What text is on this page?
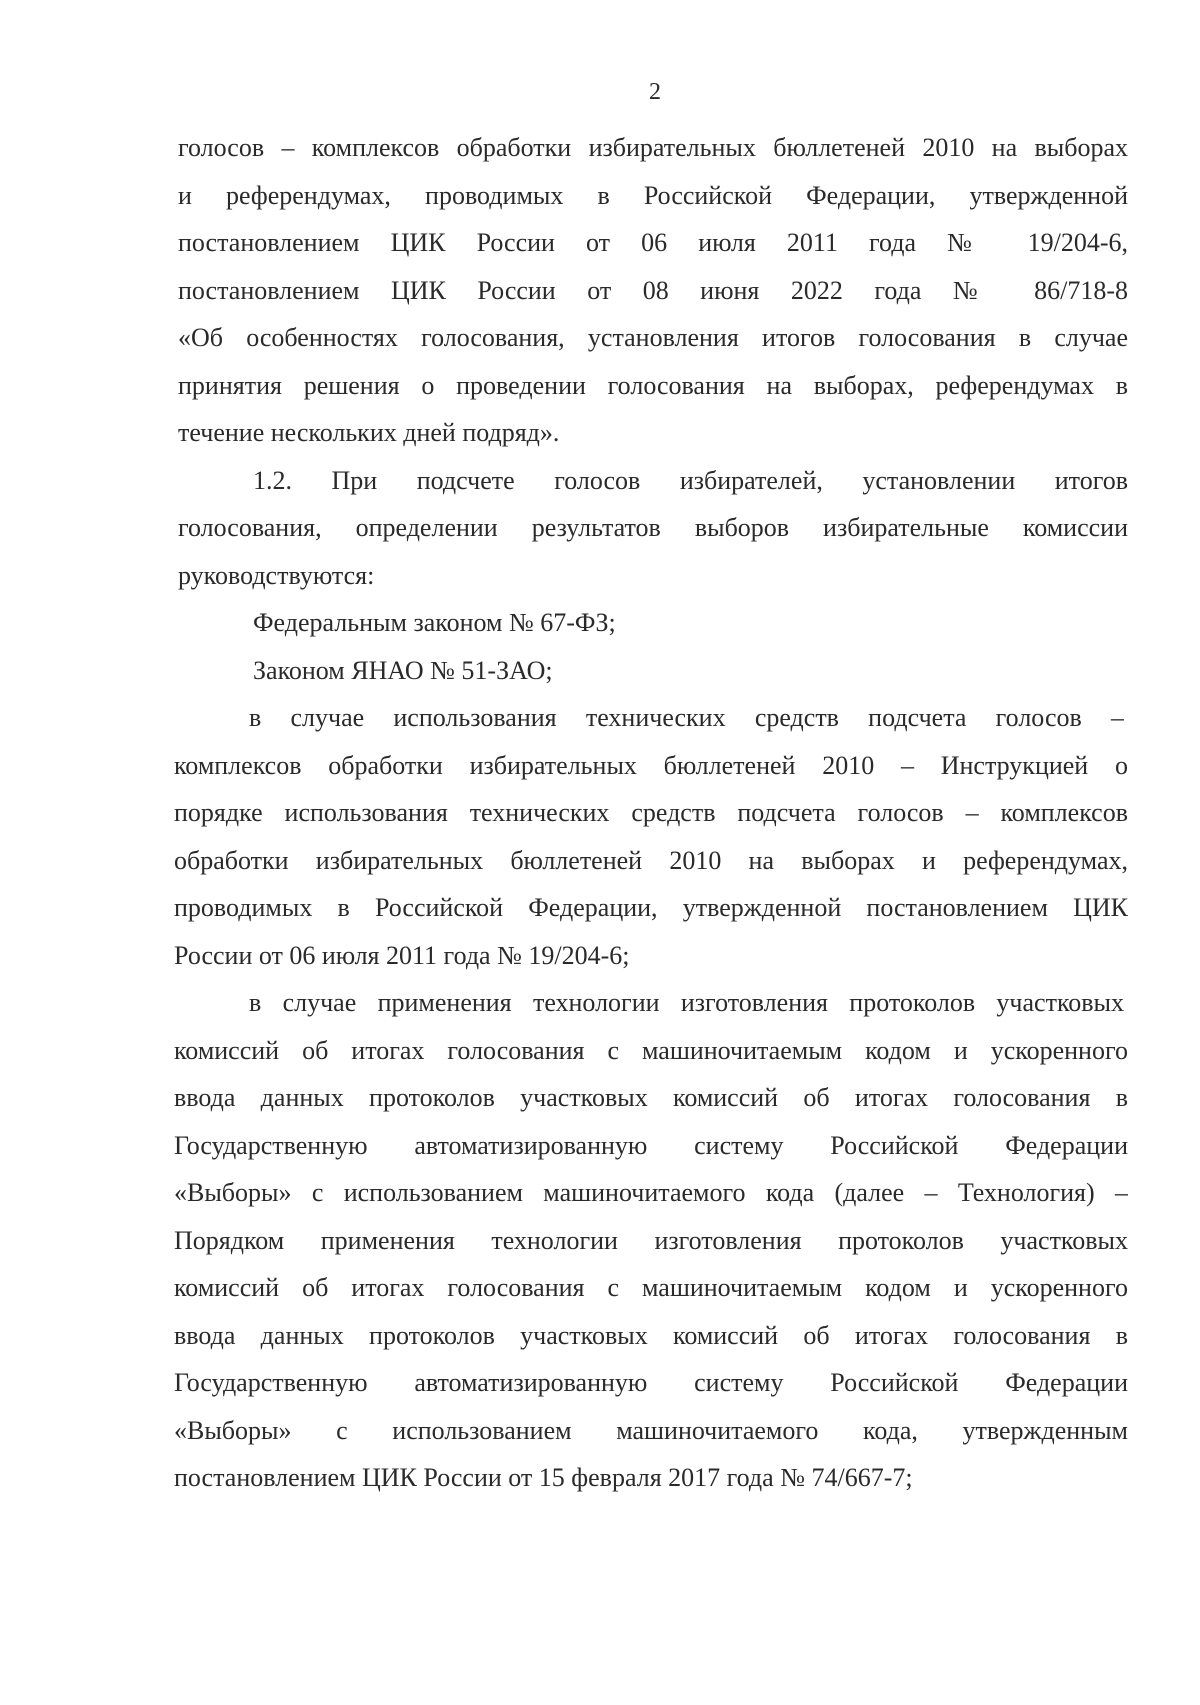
2
голосов – комплексов обработки избирательных бюллетеней 2010 на выборах
и референдумах, проводимых в Российской Федерации, утвержденной
постановлением ЦИК России от 06 июля 2011 года № 19/204-6,
постановлением ЦИК России от 08 июня 2022 года № 86/718-8
«Об особенностях голосования, установления итогов голосования в случае
принятия решения о проведении голосования на выборах, референдумах в
течение нескольких дней подряд».
1.2. При подсчете голосов избирателей, установлении итогов
голосования, определении результатов выборов избирательные комиссии
руководствуются:
Федеральным законом № 67-ФЗ;
Законом ЯНАО № 51-ЗАО;
в случае использования технических средств подсчета голосов –
комплексов обработки избирательных бюллетеней 2010 – Инструкцией о
порядке использования технических средств подсчета голосов – комплексов
обработки избирательных бюллетеней 2010 на выборах и референдумах,
проводимых в Российской Федерации, утвержденной постановлением ЦИК
России от 06 июля 2011 года № 19/204-6;
в случае применения технологии изготовления протоколов участковых
комиссий об итогах голосования с машиночитаемым кодом и ускоренного
ввода данных протоколов участковых комиссий об итогах голосования в
Государственную автоматизированную систему Российской Федерации
«Выборы» с использованием машиночитаемого кода (далее – Технология) –
Порядком применения технологии изготовления протоколов участковых
комиссий об итогах голосования с машиночитаемым кодом и ускоренного
ввода данных протоколов участковых комиссий об итогах голосования в
Государственную автоматизированную систему Российской Федерации
«Выборы» с использованием машиночитаемого кода, утвержденным
постановлением ЦИК России от 15 февраля 2017 года № 74/667-7;
